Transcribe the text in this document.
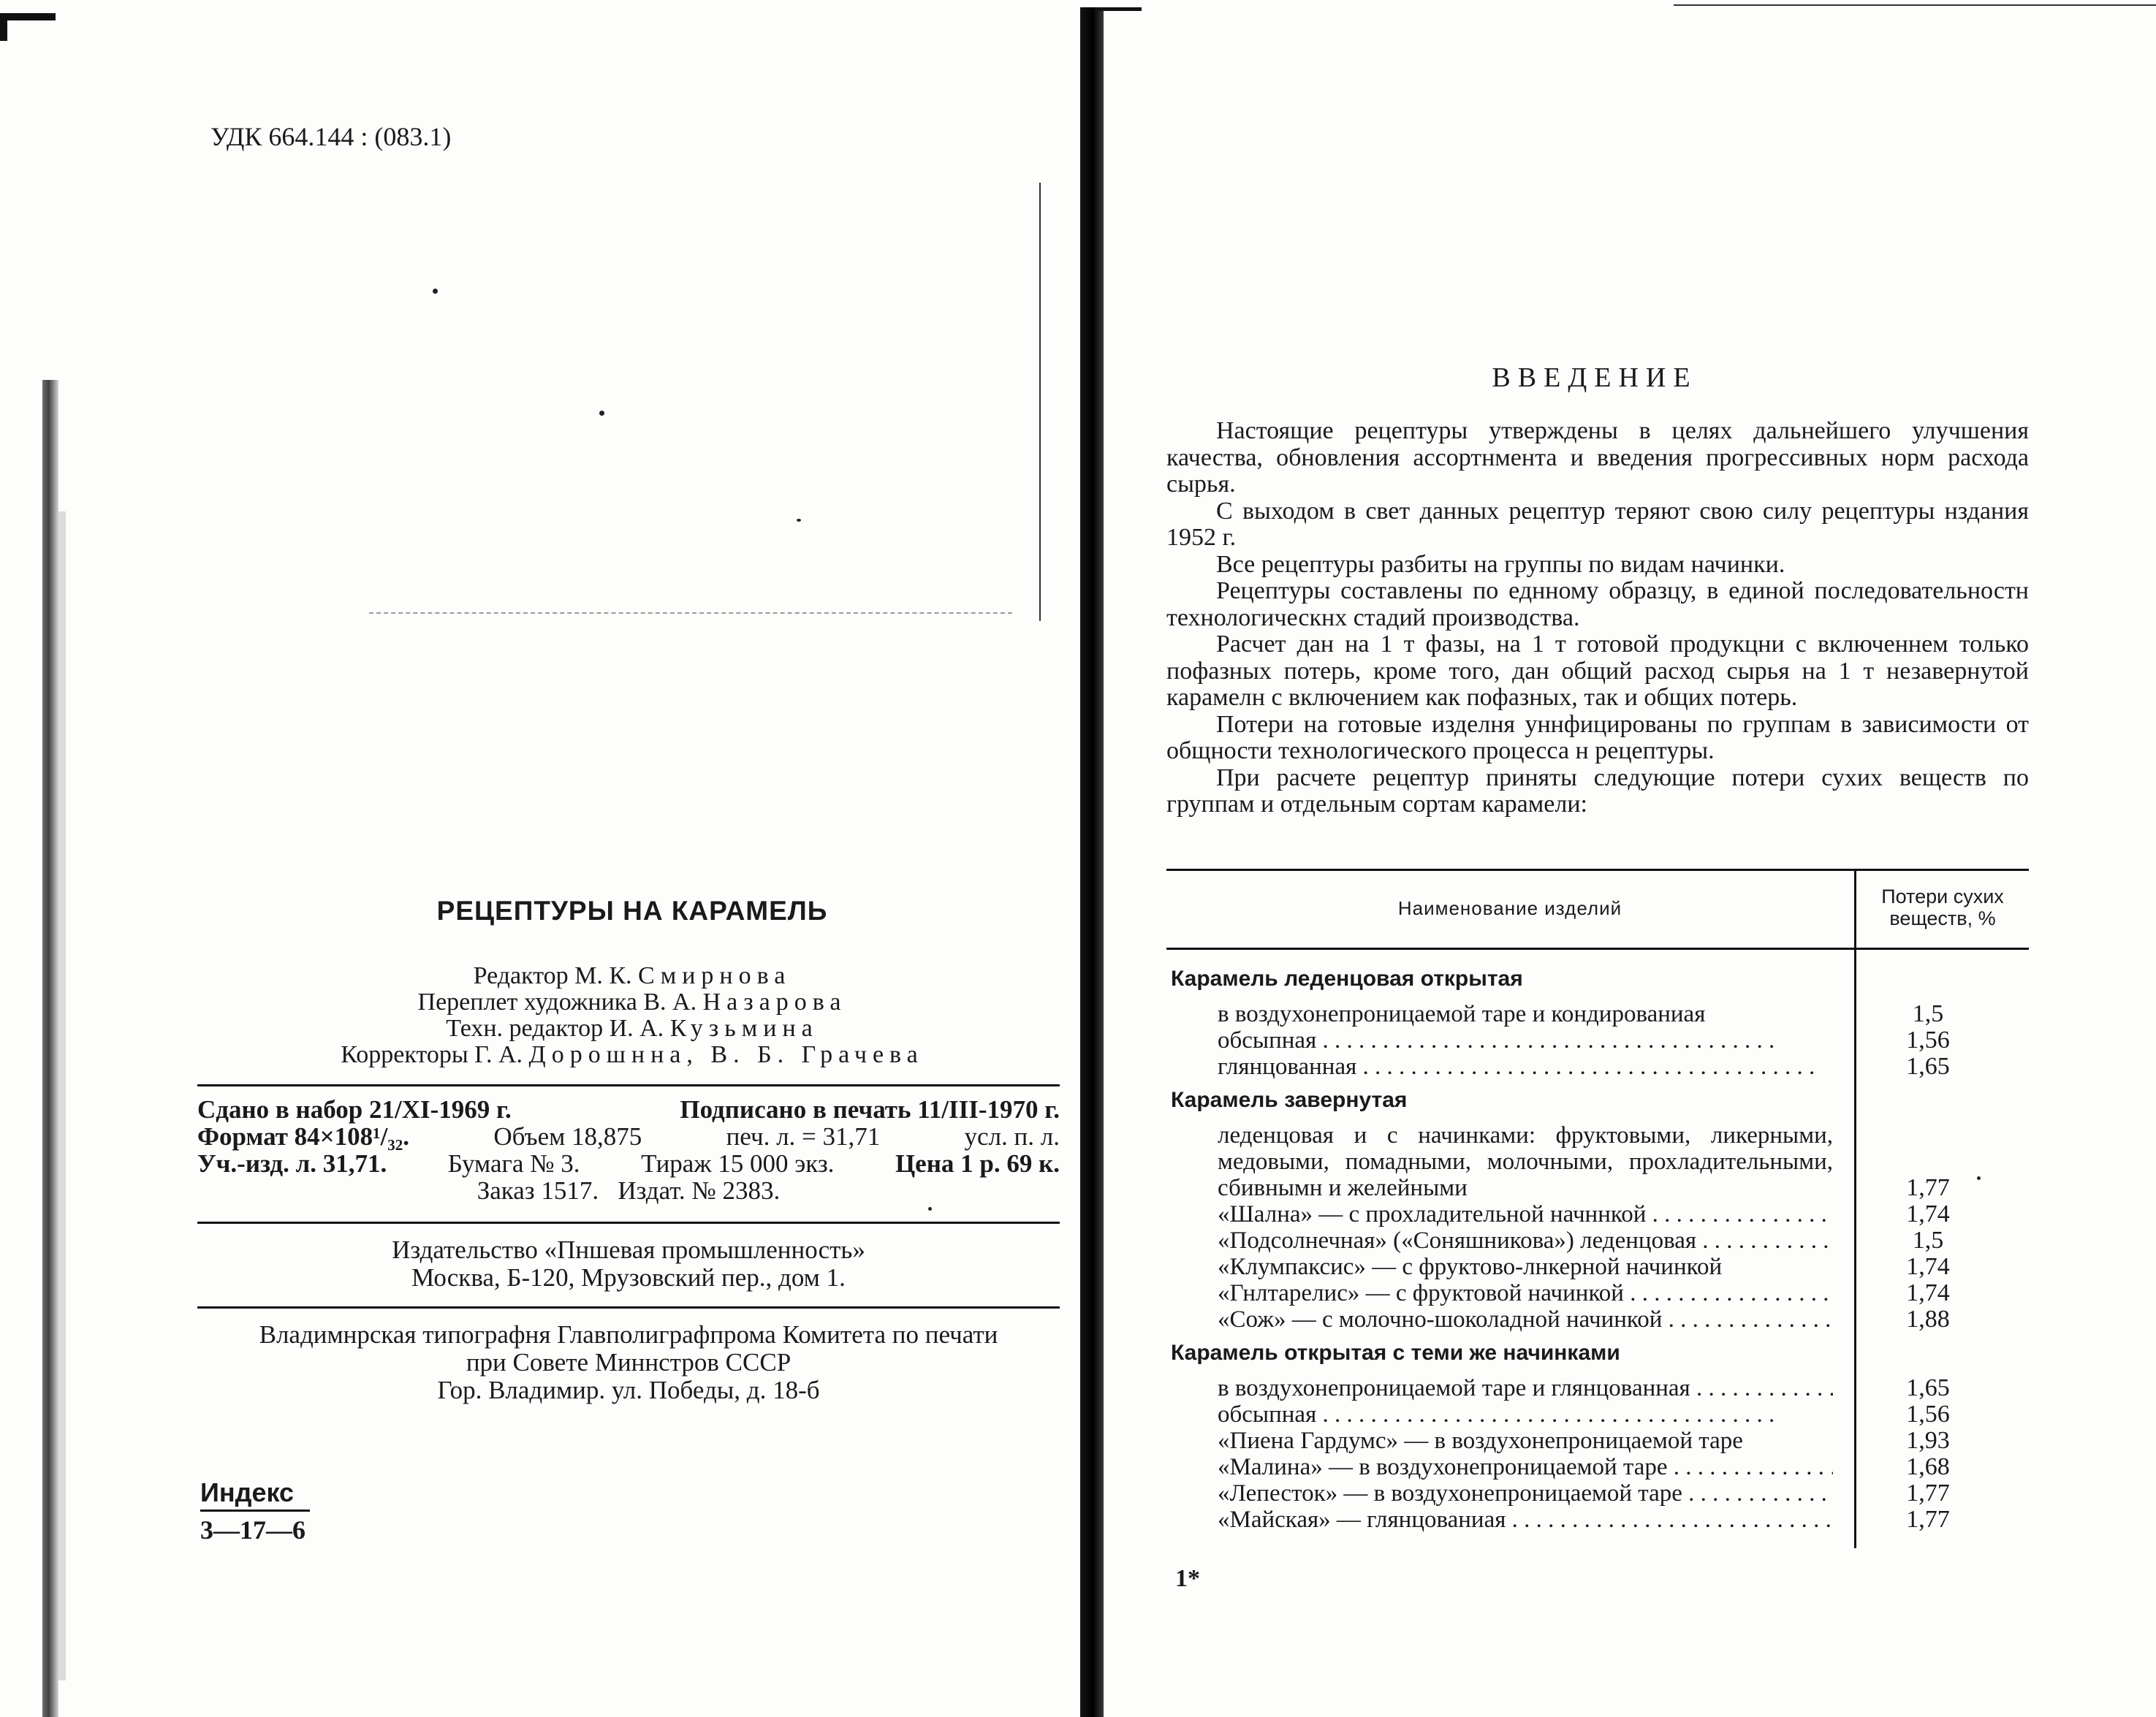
УДК 664.144 : (083.1)
РЕЦЕПТУРЫ НА КАРАМЕЛЬ
Редактор М. К. Смирнова
Переплет художника В. А. Назарова
Техн. редактор И. А. Кузьмина
Корректоры Г. А. Дорошнна, В. Б. Грачева
Сдано в набор 21/XI-1969 г.	Подписано в печать 11/III-1970 г.
Формат 84×108¹/₃₂.	Объем 18,875	печ. л. = 31,71	усл. п. л.
Уч.-изд. л. 31,71. Бумага № 3. Тираж 15 000 экз. Цена 1 р. 69 к.
Заказ 1517.   Издат. № 2383.
Издательство «Пншевая промышленность»
Москва, Б-120, Мрузовский пер., дом 1.
Владимнрская типографня Главполиграфпрома Комитета по печати
при Совете Миннстров СССР
Гор. Владимир. ул. Победы, д. 18-б
Индекс
3—17—6
ВВЕДЕНИЕ

Настоящие рецептуры утверждены в целях дальнейшего улучшения качества, обновления ассортнмента и введения прогрессивных норм расхода сырья.

С выходом в свет данных рецептур теряют свою силу рецептуры нздания 1952 г.

Все рецептуры разбиты на группы по видам начинки.

Рецептуры составлены по еднному образцу, в единой последовательностн технологическнх стадий производства.

Расчет дан на 1 т фазы, на 1 т готовой продукцни с включеннем только пофазных потерь, кроме того, дан общий расход сырья на 1 т незавернутой карамелн с включением как пофазных, так и общих потерь.

Потери на готовые изделня уннфицированы по группам в зависимости от общности технологического процесса н рецептуры.

При расчете рецептур приняты следующие потери сухих веществ по группам и отдельным сортам карамели:

Наименование изделий
Потери сухих веществ, %
Карамель леденцовая открытая
в воздухонепроницаемой таре и кондированиая	1,5
обсыпная . . .	1,56
глянцованная . . .	1,65
Карамель завернутая
леденцовая и с начинками: фруктовыми, ликерными, медовыми, помадными, молочными, прохладительными, сбивнымн и желейными	1,77
«Шална» — с прохладительной начннкой . . .	1,74
«Подсолнечная» («Соняшникова») леденцовая . . .	1,5
«Клумпаксис» — с фруктово-лнкерной начинкой	1,74
«Гнлтарелис» — с фруктовой начинкой . . .	1,74
«Сож» — с молочно-шоколадной начинкой . . .	1,88
Карамель открытая с теми же начинками
в воздухонепроницаемой таре и глянцованная . . .	1,65
обсыпная . . .	1,56
«Пиена Гардумс» — в воздухонепроницаемой таре	1,93
«Малина» — в воздухонепроницаемой таре . . .	1,68
«Лепесток» — в воздухонепроницаемой таре . . .	1,77
«Майская» — глянцованиая . . .	1,77
1*
